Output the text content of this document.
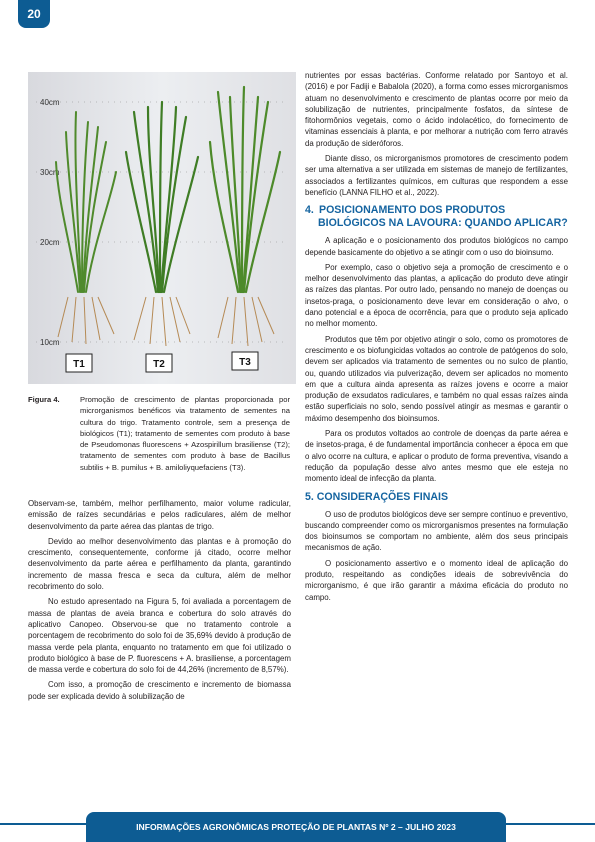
20
40cm
30cm
20cm
10cm
T1	T2	T3
Figura 4.	Promoção de crescimento de plantas proporcionada por microrganismos benéficos via tratamento de sementes na cultura do trigo. Tratamento controle, sem a presença de biológicos (T1); tratamento de sementes com produto à base de Pseudomonas fluorescens + Azospirillum brasiliense (T2); tratamento de sementes com produto à base de Bacillus subtilis + B. pumilus + B. amiloliyquefaciens (T3).

Observam-se, também, melhor perfilhamento, maior volume radicular, emissão de raízes secundárias e pelos radiculares, além de melhor desenvolvimento da parte aérea das plantas de trigo.

Devido ao melhor desenvolvimento das plantas e à promoção do crescimento, consequentemente, conforme já citado, ocorre melhor desenvolvimento da parte aérea e perfilhamento da planta, garantindo incremento de massa fresca e seca da cultura, além de melhor recobrimento do solo.

No estudo apresentado na Figura 5, foi avaliada a porcentagem de massa de plantas de aveia branca e cobertura do solo através do aplicativo Canopeo. Observou-se que no tratamento controle a porcentagem de recobrimento do solo foi de 35,69% devido à produção de massa verde pela planta, enquanto no tratamento em que foi utilizado o produto biológico à base de P. fluorescens + A. brasiliense, a porcentagem de massa verde e cobertura do solo foi de 44,26% (incremento de 8,57%).

Com isso, a promoção de crescimento e incremento de biomassa pode ser explicada devido à solubilização de

nutrientes por essas bactérias. Conforme relatado por Santoyo et al. (2016) e por Fadiji e Babalola (2020), a forma como esses microrganismos atuam no desenvolvimento e crescimento de plantas ocorre por meio da solubilização de nutrientes, principalmente fosfatos, da síntese de fitohormônios vegetais, como o ácido indolacético, do fornecimento de vitaminas essenciais à planta, e por melhorar a nutrição com ferro através da produção de sideróforos.

Diante disso, os microrganismos promotores de crescimento podem ser uma alternativa a ser utilizada em sistemas de manejo de fertilizantes, associados a fertilizantes químicos, em culturas que respondem a esse benefício (LANNA FILHO et al., 2022).

4. POSICIONAMENTO DOS PRODUTOS
BIOLÓGICOS NA LAVOURA: QUANDO APLICAR?

A aplicação e o posicionamento dos produtos biológicos no campo depende basicamente do objetivo a se atingir com o uso do bioinsumo.

Por exemplo, caso o objetivo seja a promoção de crescimento e o melhor desenvolvimento das plantas, a aplicação do produto deve atingir as raízes das plantas. Por outro lado, pensando no manejo de doenças ou insetos-praga, o posicionamento deve levar em consideração o alvo, o dano potencial e a época de ocorrência, para que o produto seja aplicado no melhor momento.

Produtos que têm por objetivo atingir o solo, como os promotores de crescimento e os biofungicidas voltados ao controle de patógenos do solo, devem ser aplicados via tratamento de sementes ou no sulco de plantio, ou, quando utilizados via pulverização, devem ser aplicados no momento em que a cultura ainda apresenta as raízes jovens e ocorre a maior produção de exsudatos radiculares, e também no qual essas raízes ainda estão superficiais no solo, sendo possível atingir as mesmas e garantir o máximo desempenho dos bioinsumos.

Para os produtos voltados ao controle de doenças da parte aérea e de insetos-praga, é de fundamental importância conhecer a época em que o alvo ocorre na cultura, e aplicar o produto de forma preventiva, visando a redução da população desse alvo antes mesmo que ele esteja no momento ideal de infecção da planta.

5. CONSIDERAÇÕES FINAIS

O uso de produtos biológicos deve ser sempre contínuo e preventivo, buscando compreender como os microrganismos presentes na formulação dos bioinsumos se comportam no ambiente, além dos seus principais mecanismos de ação.

O posicionamento assertivo e o momento ideal de aplicação do produto, respeitando as condições ideais de sobrevivência do microrganismo, é que irão garantir a máxima eficácia do produto no campo.

INFORMAÇÕES AGRONÔMICAS PROTEÇÃO DE PLANTAS Nº 2 – JULHO 2023
